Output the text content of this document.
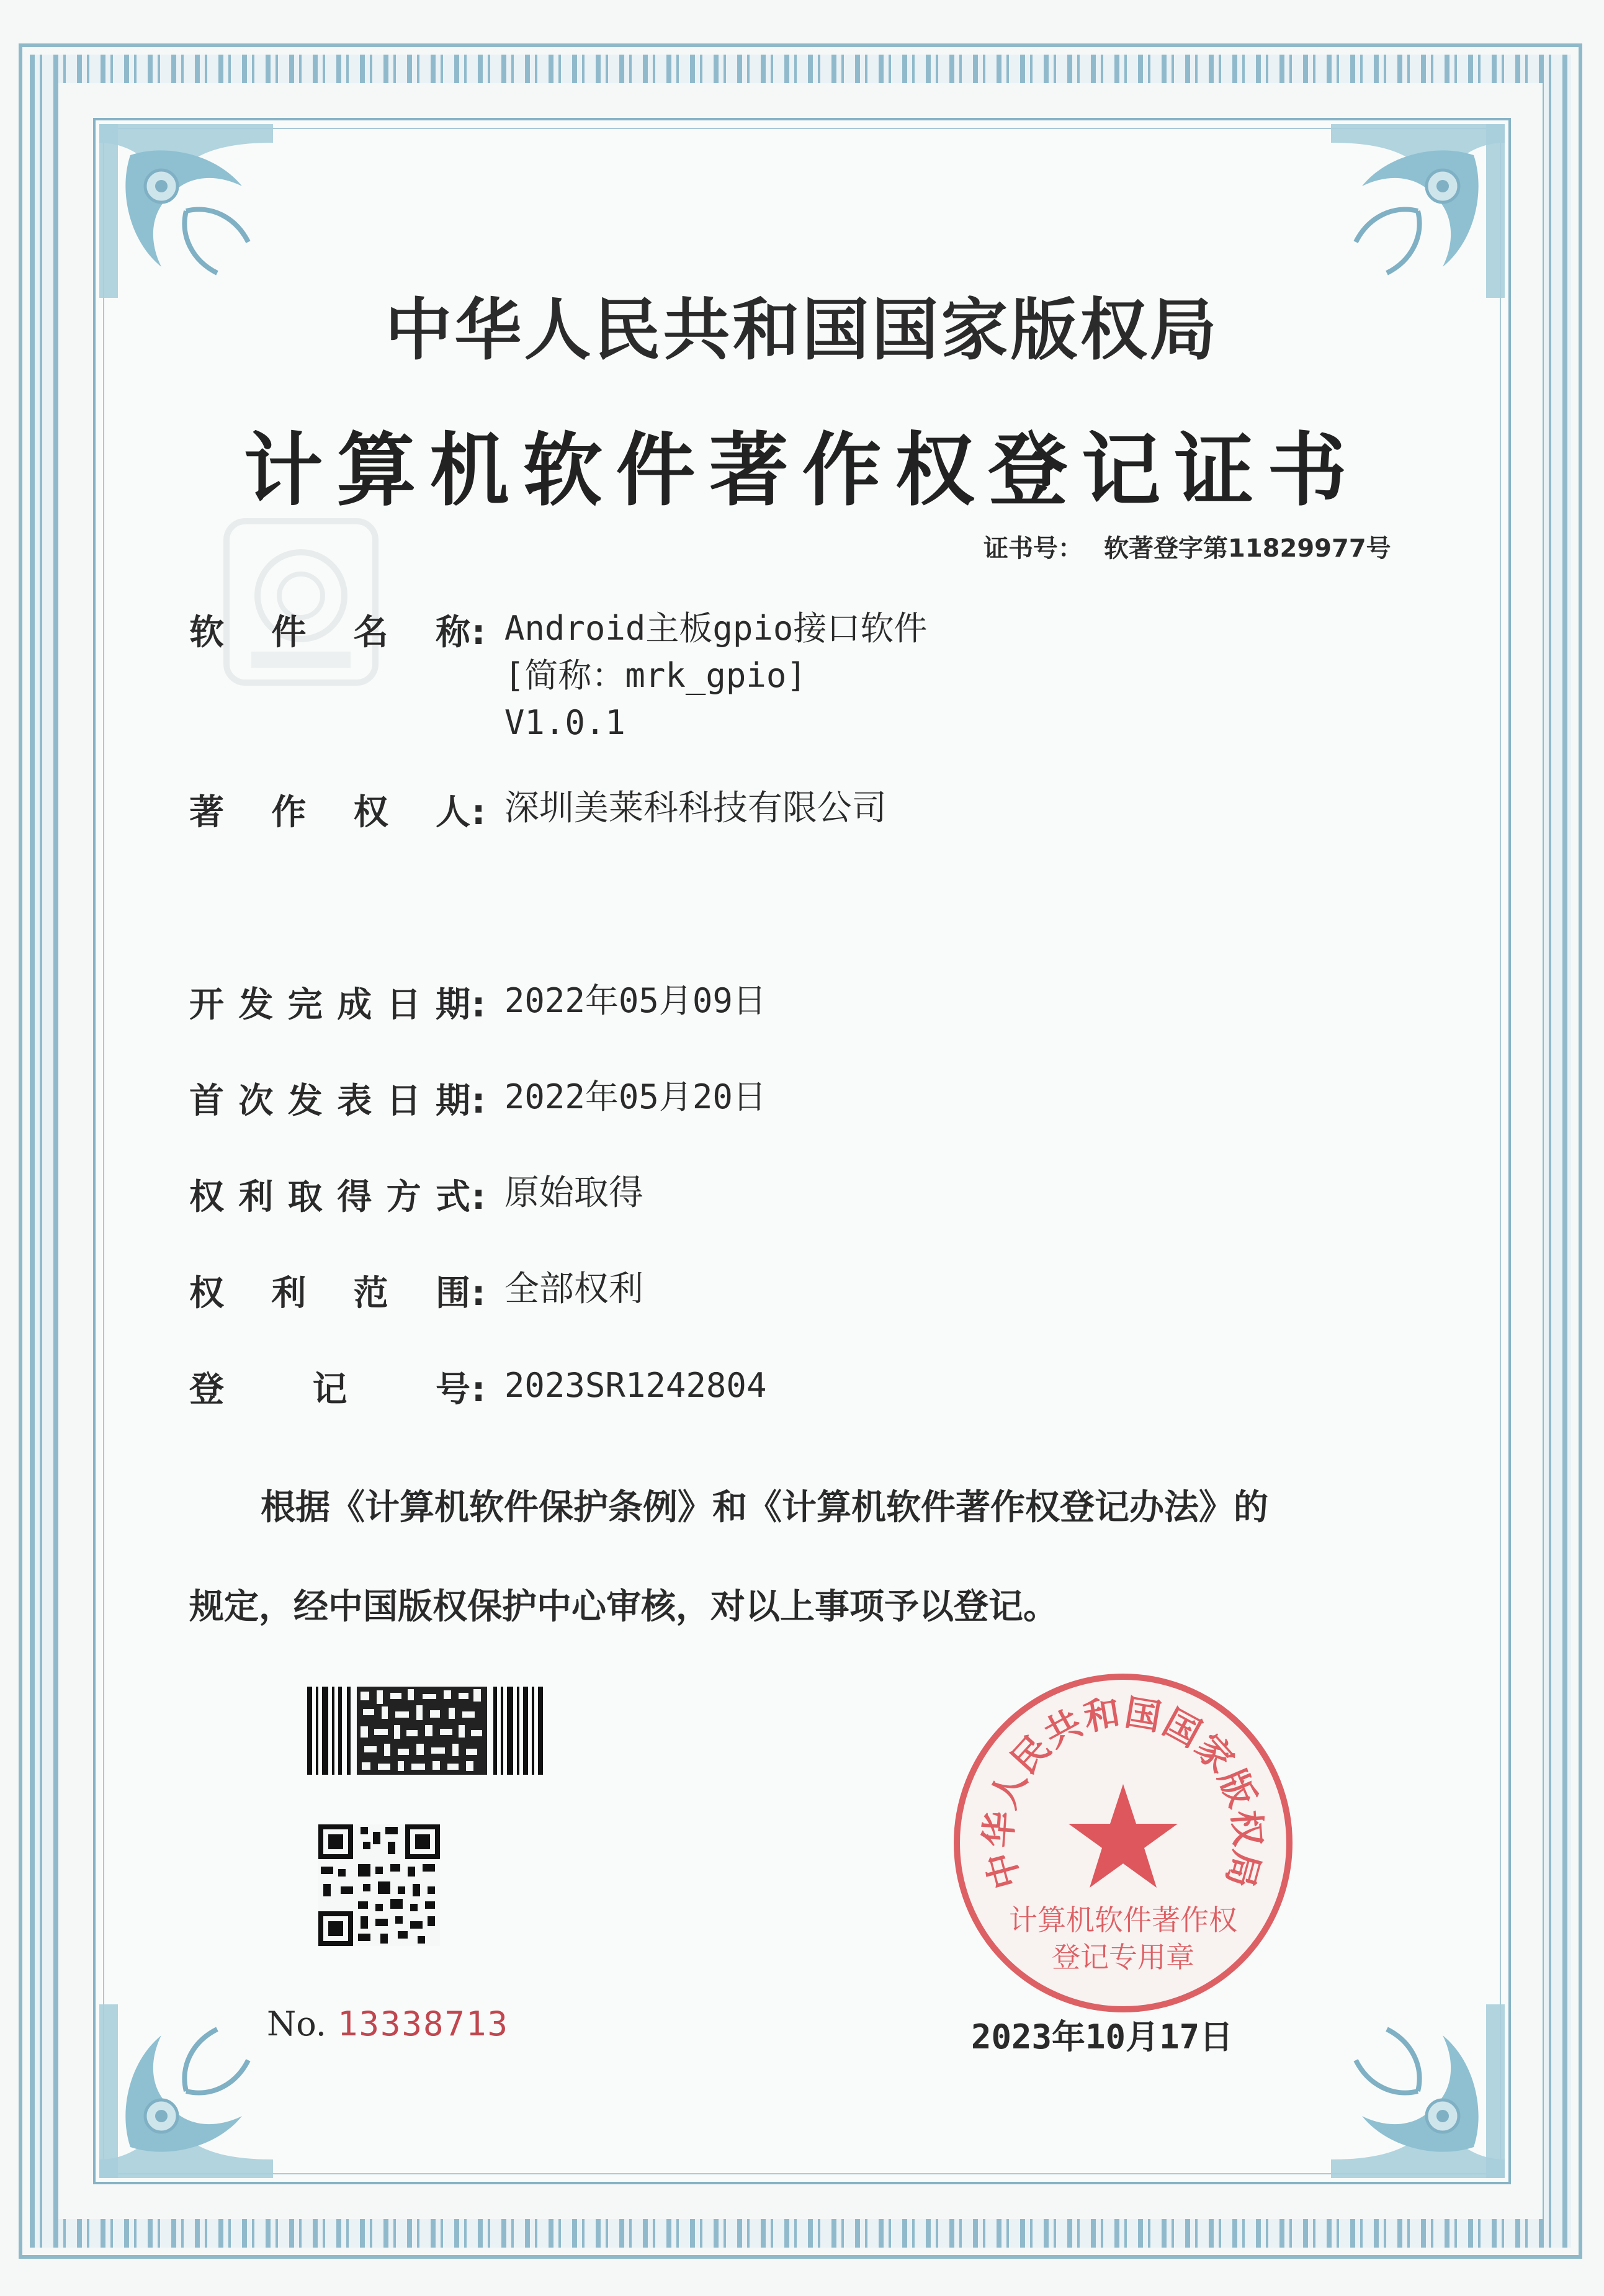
中华人民共和国国家版权局
计算机软件著作权登记证书
证书号： 软著登字第11829977号
软件名称: Android主板gpio接口软件
[简称：mrk_gpio]
V1.0.1
著作权人: 深圳美莱科科技有限公司
开发完成日期: 2022年05月09日
首次发表日期: 2022年05月20日
权利取得方式: 原始取得
权利范围: 全部权利
登记号: 2023SR1242804
根据《计算机软件保护条例》和《计算机软件著作权登记办法》的
规定，经中国版权保护中心审核，对以上事项予以登记。
No. 13338713
中华人民共和国国家版权局
计算机软件著作权
登记专用章
2023年10月17日
